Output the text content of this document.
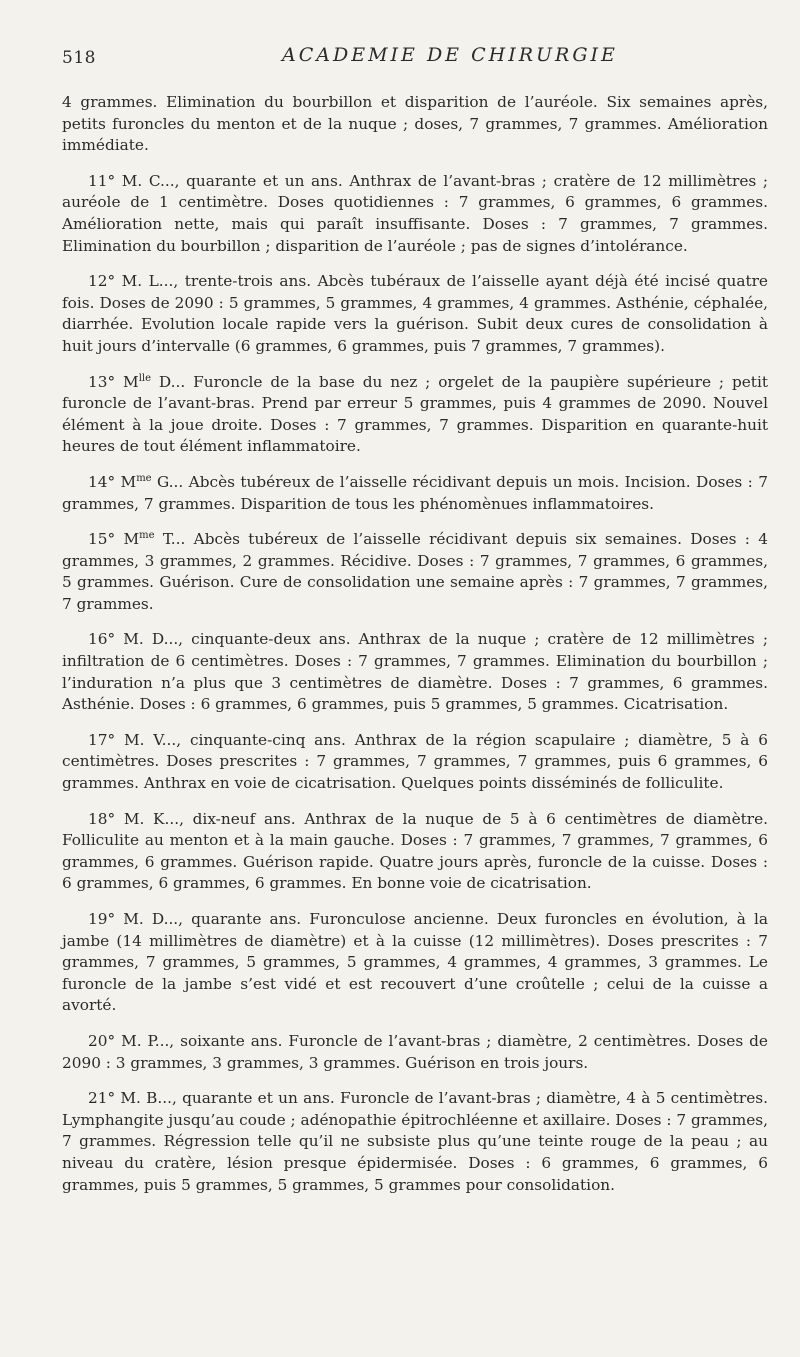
518	ACADEMIE DE CHIRURGIE

4 grammes. Elimination du bourbillon et disparition de l’auréole. Six semaines après, petits furoncles du menton et de la nuque ; doses, 7 grammes, 7 grammes. Amélioration immédiate.

11° M. C..., quarante et un ans. Anthrax de l’avant-bras ; cratère de 12 millimètres ; auréole de 1 centimètre. Doses quotidiennes : 7 grammes, 6 grammes, 6 grammes. Amélioration nette, mais qui paraît insuffisante. Doses : 7 grammes, 7 grammes. Elimination du bourbillon ; disparition de l’auréole ; pas de signes d’intolérance.

12° M. L..., trente-trois ans. Abcès tubéraux de l’aisselle ayant déjà été incisé quatre fois. Doses de 2090 : 5 grammes, 5 grammes, 4 grammes, 4 grammes. Asthénie, céphalée, diarrhée. Evolution locale rapide vers la guérison. Subit deux cures de consolidation à huit jours d’intervalle (6 grammes, 6 grammes, puis 7 grammes, 7 grammes).

13° $M^{lle}$ D... Furoncle de la base du nez ; orgelet de la paupière supérieure ; petit furoncle de l’avant-bras. Prend par erreur 5 grammes, puis 4 grammes de 2090. Nouvel élément à la joue droite. Doses : 7 grammes, 7 grammes. Disparition en quarante-huit heures de tout élément inflammatoire.

14° $M^{me}$ G... Abcès tubéreux de l’aisselle récidivant depuis un mois. Incision. Doses : 7 grammes, 7 grammes. Disparition de tous les phénomènues inflammatoires.

15° $M^{me}$ T... Abcès tubéreux de l’aisselle récidivant depuis six semaines. Doses : 4 grammes, 3 grammes, 2 grammes. Récidive. Doses : 7 grammes, 7 grammes, 6 grammes, 5 grammes. Guérison. Cure de consolidation une semaine après : 7 grammes, 7 grammes, 7 grammes.

16° M. D..., cinquante-deux ans. Anthrax de la nuque ; cratère de 12 millimètres ; infiltration de 6 centimètres. Doses : 7 grammes, 7 grammes. Elimination du bourbillon ; l’induration n’a plus que 3 centimètres de diamètre. Doses : 7 grammes, 6 grammes. Asthénie. Doses : 6 grammes, 6 grammes, puis 5 grammes, 5 grammes. Cicatrisation.

17° M. V..., cinquante-cinq ans. Anthrax de la région scapulaire ; diamètre, 5 à 6 centimètres. Doses prescrites : 7 grammes, 7 grammes, 7 grammes, puis 6 grammes, 6 grammes. Anthrax en voie de cicatrisation. Quelques points disséminés de folliculite.

18° M. K..., dix-neuf ans. Anthrax de la nuque de 5 à 6 centimètres de diamètre. Folliculite au menton et à la main gauche. Doses : 7 grammes, 7 grammes, 7 grammes, 6 grammes, 6 grammes. Guérison rapide. Quatre jours après, furoncle de la cuisse. Doses : 6 grammes, 6 grammes, 6 grammes. En bonne voie de cicatrisation.

19° M. D..., quarante ans. Furonculose ancienne. Deux furoncles en évolution, à la jambe (14 millimètres de diamètre) et à la cuisse (12 millimètres). Doses prescrites : 7 grammes, 7 grammes, 5 grammes, 5 grammes, 4 grammes, 4 grammes, 3 grammes. Le furoncle de la jambe s’est vidé et est recouvert d’une croûtelle ; celui de la cuisse a avorté.

20° M. P..., soixante ans. Furoncle de l’avant-bras ; diamètre, 2 centimètres. Doses de 2090 : 3 grammes, 3 grammes, 3 grammes. Guérison en trois jours.

21° M. B..., quarante et un ans. Furoncle de l’avant-bras ; diamètre, 4 à 5 centimètres. Lymphangite jusqu’au coude ; adénopathie épitrochléenne et axillaire. Doses : 7 grammes, 7 grammes. Régression telle qu’il ne subsiste plus qu’une teinte rouge de la peau ; au niveau du cratère, lésion presque épidermisée. Doses : 6 grammes, 6 grammes, 6 grammes, puis 5 grammes, 5 grammes, 5 grammes pour consolidation.
